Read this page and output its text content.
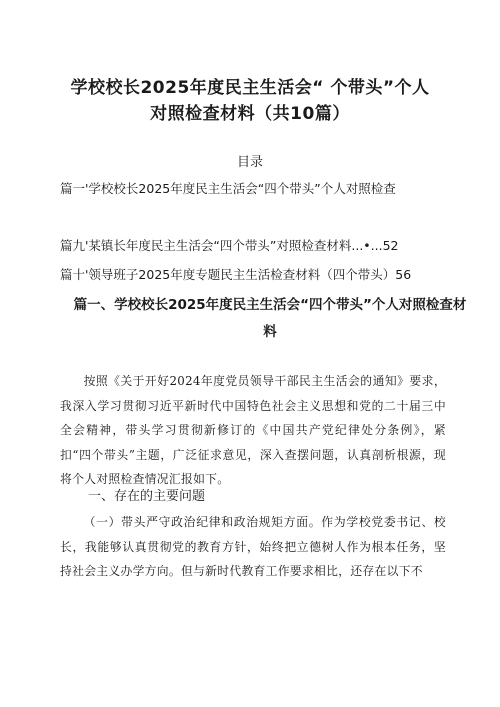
学校校长2025年度民主生活会“ 个带头”个人
对照检查材料（共10篇）
目录
篇一'学校校长2025年度民主生活会“四个带头”个人对照检查
篇九'某镇长年度民主生活会“四个带头”对照检查材料...•...52
篇十'领导班子2025年度专题民主生活检查材料（四个带头）56
篇一、学校校长2025年度民主生活会“四个带头”个人对照检查材料
按照《关于开好2024年度党员领导干部民主生活会的通知》要求，我深入学习贯彻习近平新时代中国特色社会主义思想和党的二十届三中全会精神，带头学习贯彻新修订的《中国共产党纪律处分条例》，紧扣“四个带头”主题，广泛征求意见，深入查摆问题，认真剖析根源，现将个人对照检查情况汇报如下。
一、存在的主要问题
（一）带头严守政治纪律和政治规矩方面。作为学校党委书记、校长，我能够认真贯彻党的教育方针，始终把立德树人作为根本任务，坚持社会主义办学方向。但与新时代教育工作要求相比，还存在以下不
